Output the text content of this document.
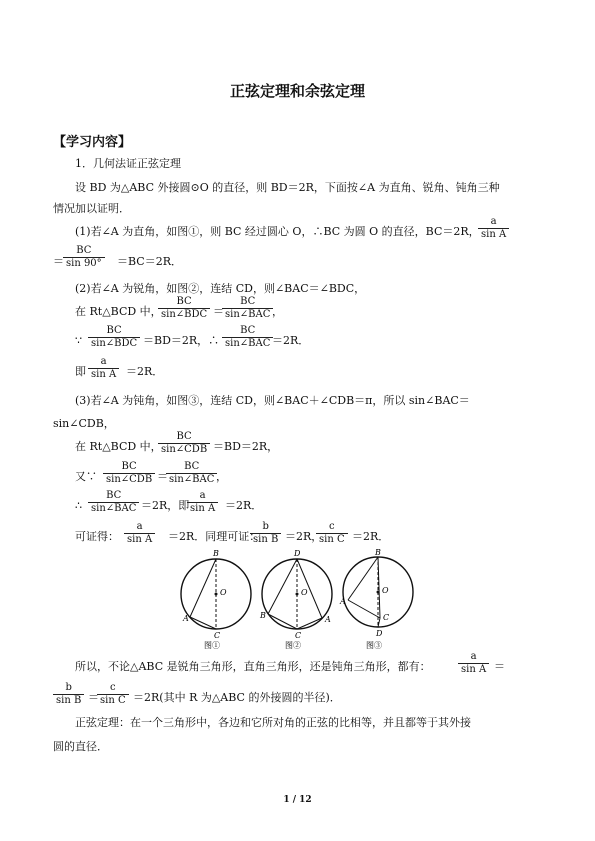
正弦定理和余弦定理
【学习内容】
1．几何法证正弦定理
设 BD 为△ABC 外接圆⊙O 的直径，则 BD＝2R，下面按∠A 为直角、锐角、钝角三种
情况加以证明．
(1)若∠A 为直角，如图①，则 BC 经过圆心 O，∴BC 为圆 O 的直径，BC＝2R，
$\frac{a}{\text{sin A}}$
＝ $\frac{BC}{\sin 90^\circ} =BC=2R$．
(2)若∠A 为锐角，如图②，连结 CD，则∠BAC＝∠BDC，
在 Rt△BCD 中，
BC
sin∠BDC ＝
BC
sin∠BAC ，
∵
BC
sin∠BDC ＝BD＝2R，∴
BC
sin∠BAC ＝2R．
即 $\frac{a}{\text{sin A}} =2R$．
(3)若∠A 为钝角，如图③，连结 CD，则∠BAC＋∠CDB＝π，所以 sin∠BAC＝
sin∠CDB，
在 Rt△BCD 中，
BC
sin∠CDB ＝BD＝2R，
又∵
BC
sin∠CDB ＝
BC
sin∠BAC ，
∴
BC
sin∠BAC ＝2R，即
$\frac{a}{\text{sin A}} =2R$．
可证得： $\frac{a}{\text{sin A}} =2R$．同理可证：
$\frac{b}{\text{sin B}} =2R$，
$\frac{c}{\text{sin C}} =2R$．
B
O
A
C
图①
D
O
B	A
C
图②
B
O
A
C
D
图③
所以，不论△ABC 是锐角三角形，直角三角形，还是钝角三角形，都有：	$\frac{a}{\text{sin A}}$ ＝
$\frac{b}{\text{sin B}}$ ＝
$\frac{c}{\text{sin C}} =2R$(其中 R 为△ABC 的外接圆的半径)．
正弦定理：在一个三角形中，各边和它所对角的正弦的比相等，并且都等于其外接
圆的直径．
1 / 12
